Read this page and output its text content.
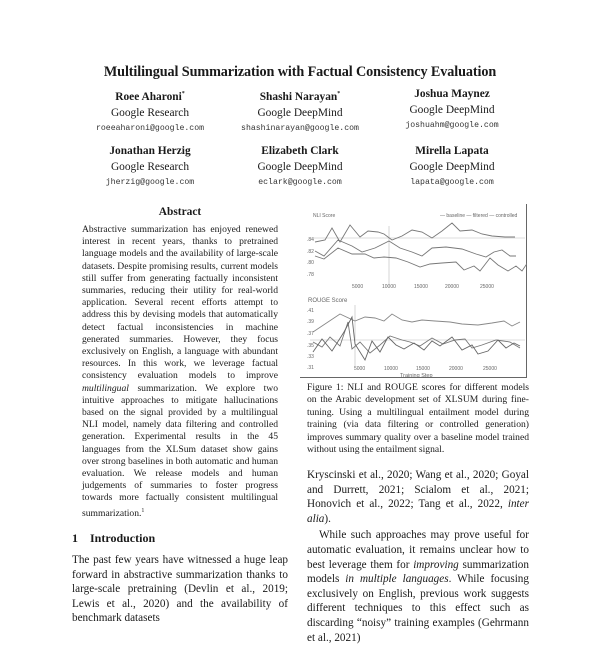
Multilingual Summarization with Factual Consistency Evaluation
Roee Aharoni*
Google Research
roeeaharoni@google.com
Shashi Narayan*
Google DeepMind
shashinarayan@google.com
Joshua Maynez
Google DeepMind
joshuahm@google.com
Jonathan Herzig
Google Research
jherzig@google.com
Elizabeth Clark
Google DeepMind
eclark@google.com
Mirella Lapata
Google DeepMind
lapata@google.com
Abstract

Abstractive summarization has enjoyed renewed interest in recent years, thanks to pretrained language models and the availability of large-scale datasets. Despite promising results, current models still suffer from generating factually inconsistent summaries, reducing their utility for real-world application. Several recent efforts attempt to address this by devising models that automatically detect factual inconsistencies in machine generated summaries. However, they focus exclusively on English, a language with abundant resources. In this work, we leverage factual consistency evaluation models to improve multilingual summarization. We explore two intuitive approaches to mitigate hallucinations based on the signal provided by a multilingual NLI model, namely data filtering and controlled generation. Experimental results in the 45 languages from the XLSum dataset show gains over strong baselines in both automatic and human evaluation. We release models and human judgements of summaries to foster progress towards more factually consistent multilingual summarization.$^1$

1 Introduction
The past few years have witnessed a huge leap forward in abstractive summarization thanks to large-scale pretraining (Devlin et al., 2019; Lewis et al., 2020) and the availability of benchmark datasets
NLI Score	— baseline — filtered — controlled
.84
.82
.80
.78
5000	10000	15000	20000	25000
ROUGE Score
.41
.39
.37
.35
.33
.31	5000	10000	15000	20000	25000
Training Step
Figure 1: NLI and ROUGE scores for different models on the Arabic development set of XLSUM during fine-tuning. Using a multilingual entailment model during training (via data filtering or controlled generation) improves summary quality over a baseline model trained without using the entailment signal.

Kryscinski et al., 2020; Wang et al., 2020; Goyal and Durrett, 2021; Scialom et al., 2021; Honovich et al., 2022; Tang et al., 2022, inter alia).

While such approaches may prove useful for automatic evaluation, it remains unclear how to best leverage them for improving summarization models in multiple languages. While focusing exclusively on English, previous work suggests different techniques to this effect such as discarding “noisy” training examples (Gehrmann et al., 2021)
